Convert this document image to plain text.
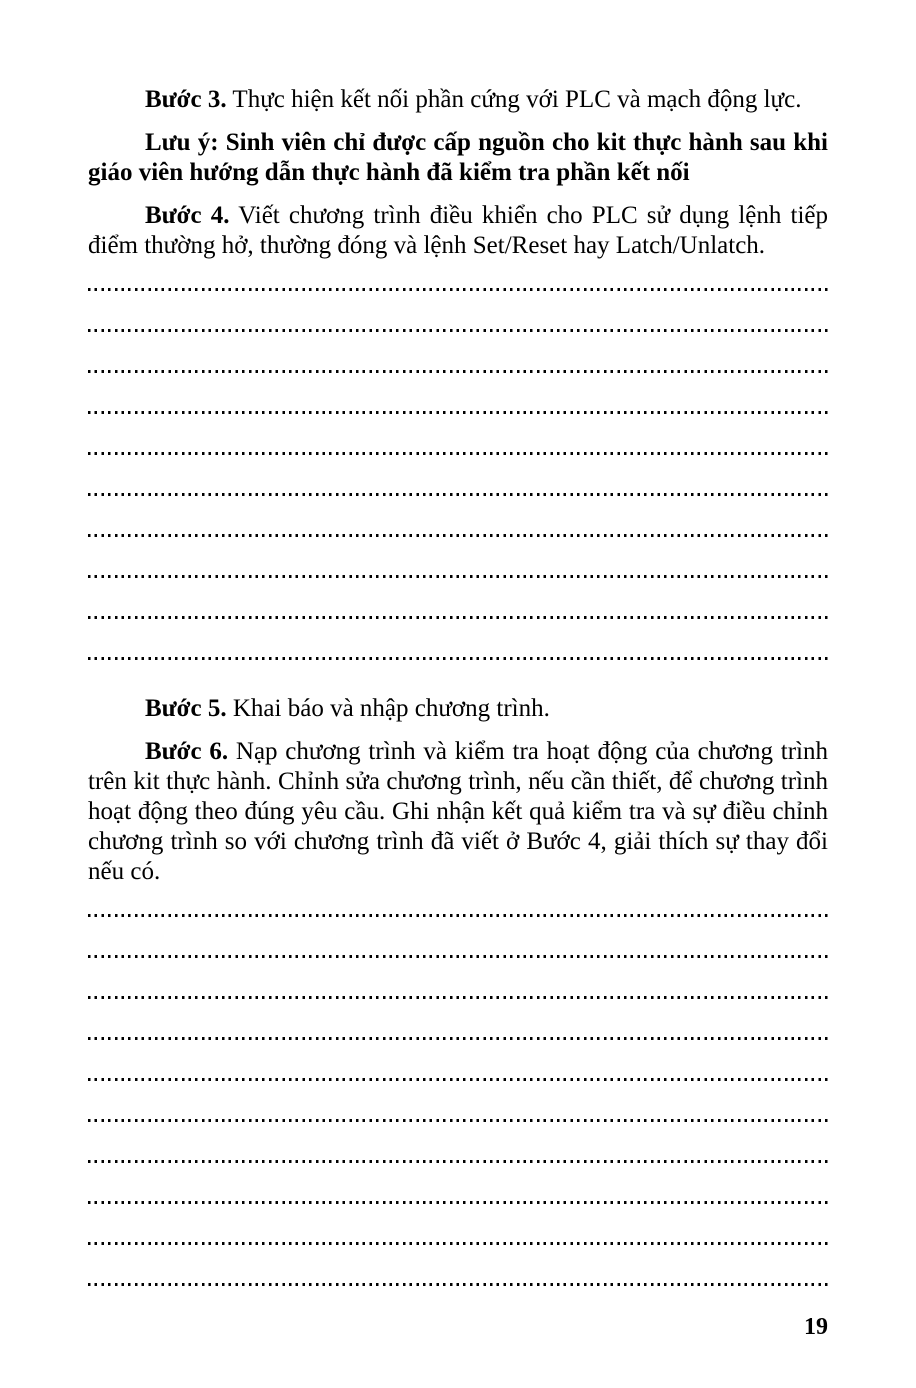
Bước 3. Thực hiện kết nối phần cứng với PLC và mạch động lực.

Lưu ý: Sinh viên chỉ được cấp nguồn cho kit thực hành sau khi giáo viên hướng dẫn thực hành đã kiểm tra phần kết nối

Bước 4. Viết chương trình điều khiển cho PLC sử dụng lệnh tiếp điểm thường hở, thường đóng và lệnh Set/Reset hay Latch/Unlatch.

Bước 5. Khai báo và nhập chương trình.

Bước 6. Nạp chương trình và kiểm tra hoạt động của chương trình trên kit thực hành. Chỉnh sửa chương trình, nếu cần thiết, để chương trình hoạt động theo đúng yêu cầu. Ghi nhận kết quả kiểm tra và sự điều chỉnh chương trình so với chương trình đã viết ở Bước 4, giải thích sự thay đổi nếu có.

19
